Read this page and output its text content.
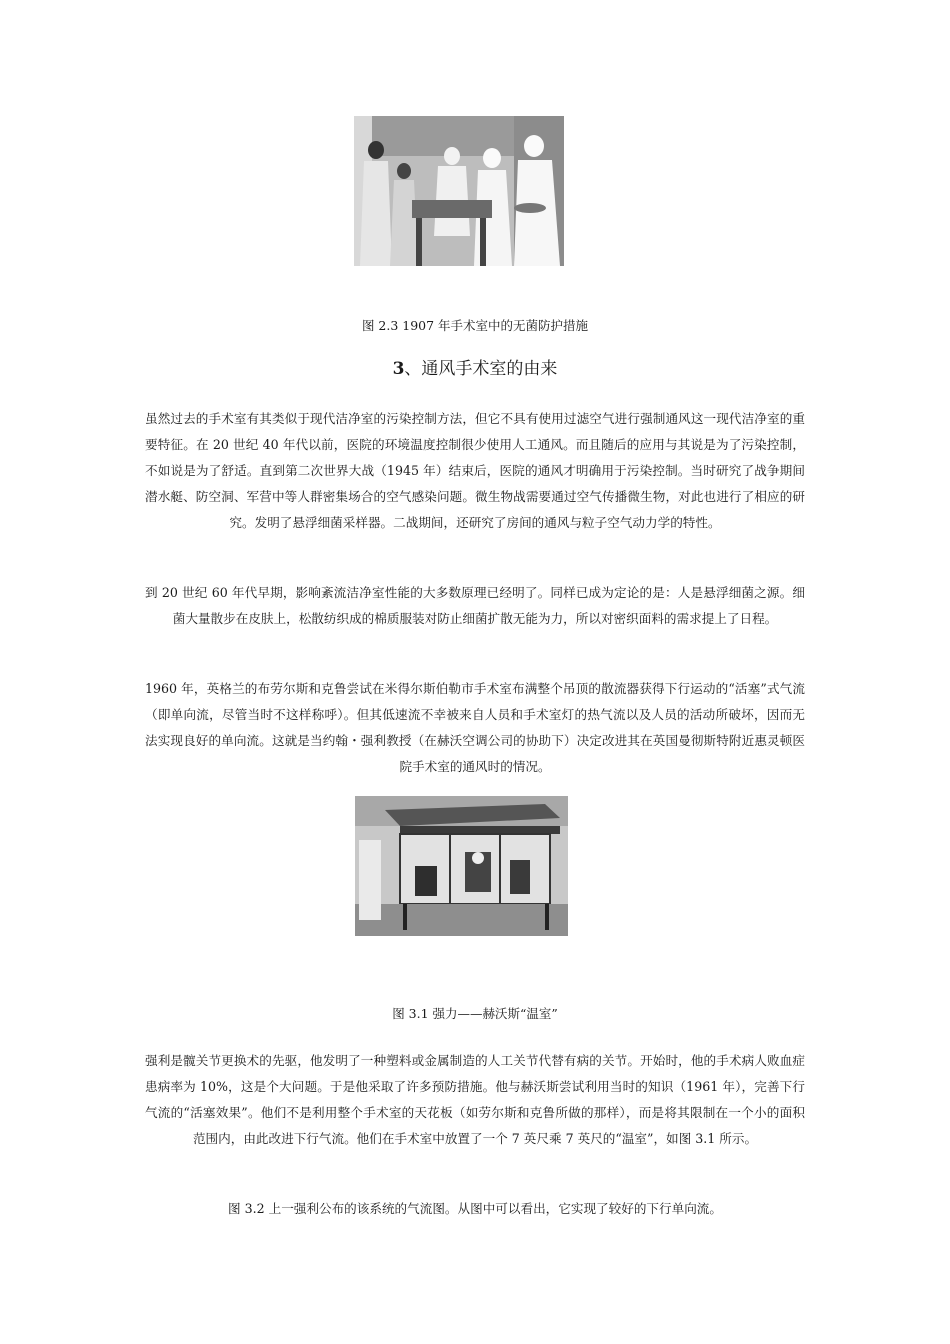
图 2.3 1907 年手术室中的无菌防护措施
3、通风手术室的由来

虽然过去的手术室有其类似于现代洁净室的污染控制方法，但它不具有使用过滤空气进行强制通风这一现代洁净室的重要特征。在 20 世纪 40 年代以前，医院的环境温度控制很少使用人工通风。而且随后的应用与其说是为了污染控制，不如说是为了舒适。直到第二次世界大战（1945 年）结束后，医院的通风才明确用于污染控制。当时研究了战争期间潜水艇、防空洞、军营中等人群密集场合的空气感染问题。微生物战需要通过空气传播微生物，对此也进行了相应的研究。发明了悬浮细菌采样器。二战期间，还研究了房间的通风与粒子空气动力学的特性。

到 20 世纪 60 年代早期，影响紊流洁净室性能的大多数原理已经明了。同样已成为定论的是：人是悬浮细菌之源。细菌大量散步在皮肤上，松散纺织成的棉质服装对防止细菌扩散无能为力，所以对密织面料的需求提上了日程。

1960 年，英格兰的布劳尔斯和克鲁尝试在米得尔斯伯勒市手术室布满整个吊顶的散流器获得下行运动的“活塞”式气流（即单向流，尽管当时不这样称呼）。但其低速流不幸被来自人员和手术室灯的热气流以及人员的活动所破坏，因而无法实现良好的单向流。这就是当约翰・强利教授（在赫沃空调公司的协助下）决定改进其在英国曼彻斯特附近惠灵顿医院手术室的通风时的情况。

图 3.1 强力——赫沃斯“温室”

强利是髋关节更换术的先驱，他发明了一种塑料或金属制造的人工关节代替有病的关节。开始时，他的手术病人败血症患病率为 10%，这是个大问题。于是他采取了许多预防措施。他与赫沃斯尝试利用当时的知识（1961 年），完善下行气流的“活塞效果”。他们不是利用整个手术室的天花板（如劳尔斯和克鲁所做的那样），而是将其限制在一个小的面积范围内，由此改进下行气流。他们在手术室中放置了一个 7 英尺乘 7 英尺的“温室”，如图 3.1 所示。

图 3.2 上一强利公布的该系统的气流图。从图中可以看出，它实现了较好的下行单向流。
